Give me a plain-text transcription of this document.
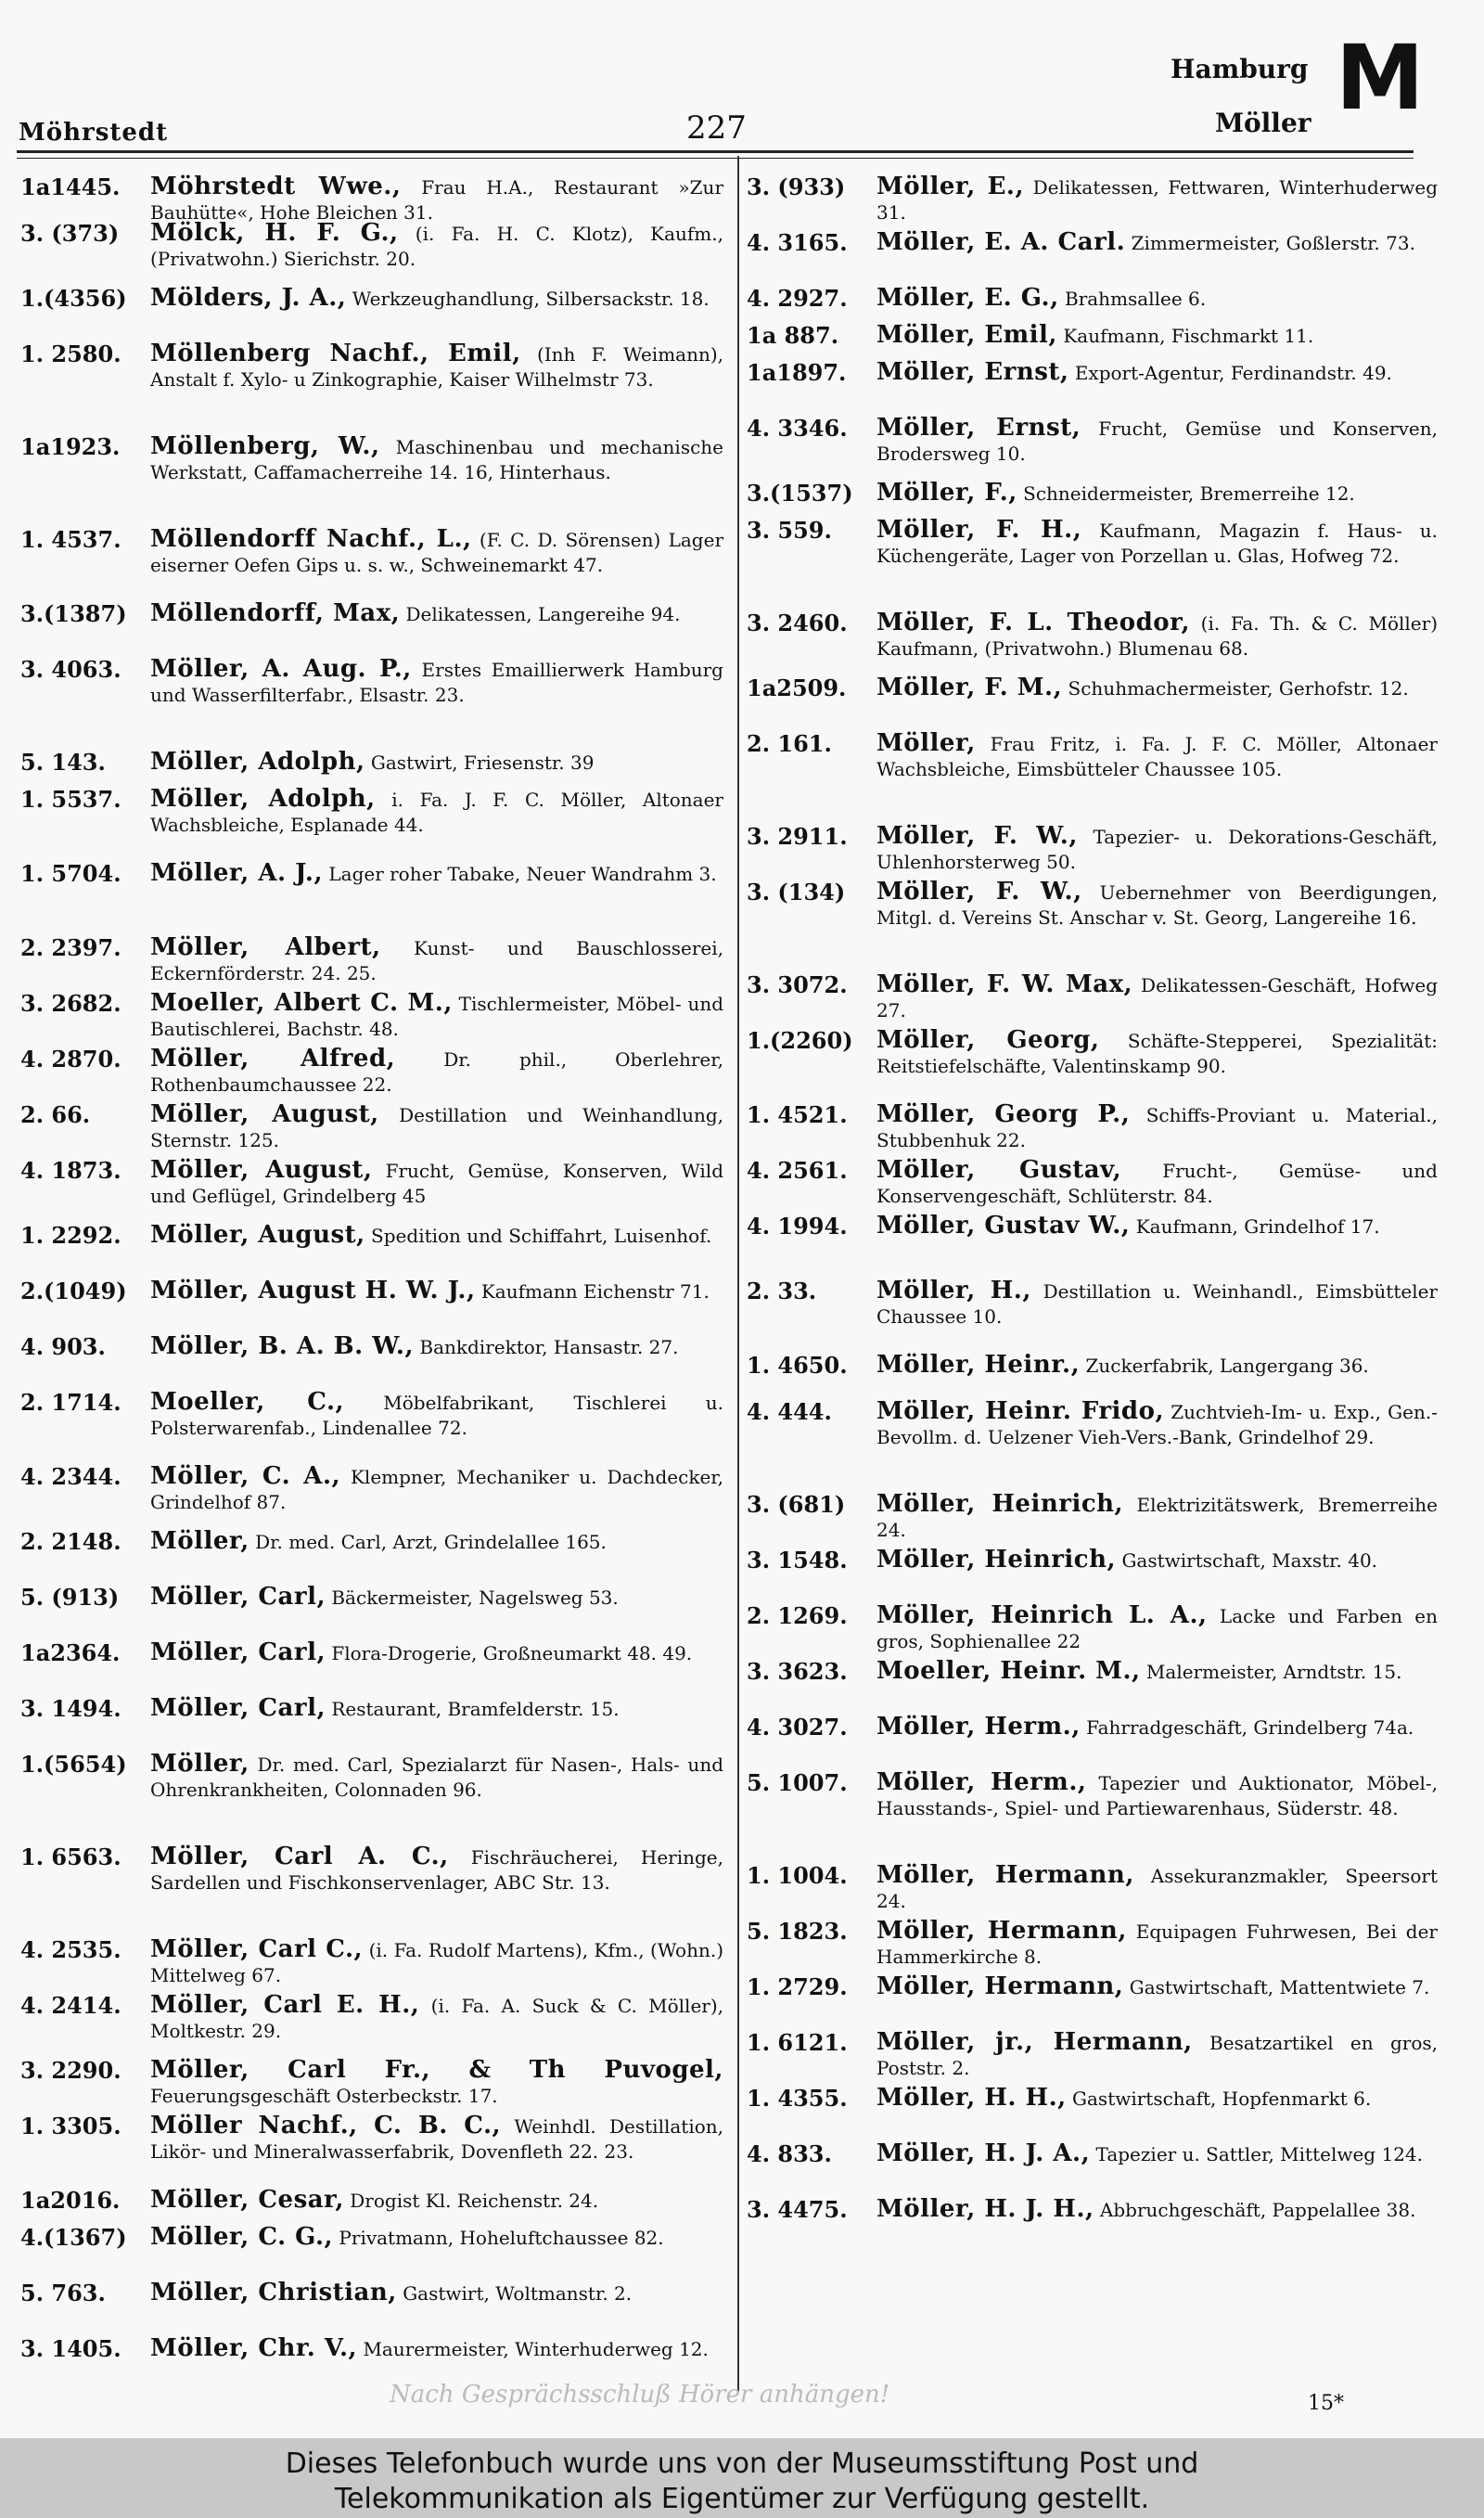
Möhrstedt	227
Hamburg
Möller M
1a1445. Möhrstedt Wwe., Frau H.A., Restaurant »Zur Bauhütte«, Hohe Bleichen 31.
3. (373) Mölck, H. F. G., (i. Fa. H. C. Klotz), Kaufm., (Privatwohn.) Sierichstr. 20.
1.(4356) Mölders, J. A., Werkzeughandlung, Silbersackstr. 18.
1. 2580. Möllenberg Nachf., Emil, (Inh F. Weimann), Anstalt f. Xylo- u Zinkographie, Kaiser Wilhelmstr 73.
1a1923. Möllenberg, W., Maschinenbau und mechanische Werkstatt, Caffamacherreihe 14. 16, Hinterhaus.
1. 4537. Möllendorff Nachf., L., (F. C. D. Sörensen) Lager eiserner Oefen Gips u. s. w., Schweinemarkt 47.
3.(1387) Möllendorff, Max, Delikatessen, Langereihe 94.
3. 4063. Möller, A. Aug. P., Erstes Emaillierwerk Hamburg und Wasserfilterfabr., Elsastr. 23.
5. 143. Möller, Adolph, Gastwirt, Friesenstr. 39
1. 5537. Möller, Adolph, i. Fa. J. F. C. Möller, Altonaer Wachsbleiche, Esplanade 44.
1. 5704. Möller, A. J., Lager roher Tabake, Neuer Wandrahm 3.
2. 2397. Möller, Albert, Kunst- und Bauschlosserei, Eckernförderstr. 24. 25.
3. 2682. Moeller, Albert C. M., Tischlermeister, Möbel- und Bautischlerei, Bachstr. 48.
4. 2870. Möller, Alfred,	Dr. phil., Oberlehrer, Rothenbaumchaussee 22.
2. 66. Möller, August, Destillation und Weinhandlung, Sternstr. 125.
4. 1873. Möller, August, Frucht, Gemüse, Konserven, Wild und Geflügel, Grindelberg 45
1. 2292. Möller, August, Spedition und Schiffahrt, Luisenhof.
2.(1049) Möller, August H. W. J., Kaufmann Eichenstr 71.
4. 903. Möller, B. A. B. W., Bankdirektor, Hansastr. 27.
2. 1714. Moeller, C., Möbelfabrikant, Tischlerei u. Polsterwarenfab., Lindenallee 72.
4. 2344. Möller, C. A., Klempner, Mechaniker u. Dachdecker, Grindelhof 87.
2. 2148. Möller, Dr. med. Carl, Arzt, Grindelallee 165.
5. (913) Möller, Carl, Bäckermeister, Nagelsweg 53.
1a2364. Möller, Carl, Flora-Drogerie, Großneumarkt 48. 49.
3. 1494. Möller, Carl, Restaurant, Bramfelderstr. 15.
1.(5654) Möller, Dr. med. Carl, Spezialarzt für Nasen-, Hals- und Ohrenkrankheiten, Colonnaden 96.
1. 6563. Möller, Carl A. C., Fischräucherei, Heringe, Sardellen und Fischkonservenlager, ABC Str. 13.
4. 2535. Möller, Carl C., (i. Fa. Rudolf Martens), Kfm., (Wohn.) Mittelweg 67.
4. 2414. Möller, Carl E. H., (i. Fa. A. Suck & C. Möller), Moltkestr. 29.
3. 2290. Möller, Carl Fr., & Th Puvogel, Feuerungsgeschäft Osterbeckstr. 17.
1. 3305. Möller Nachf., C. B. C., Weinhdl. Destillation, Likör- und Mineralwasserfabrik, Dovenfleth 22. 23.
1a2016. Möller, Cesar, Drogist Kl. Reichenstr. 24.
4.(1367) Möller, C. G., Privatmann, Hoheluftchaussee 82.
5. 763. Möller, Christian, Gastwirt, Woltmanstr. 2.
3. 1405. Möller, Chr. V., Maurermeister, Winterhuderweg 12.
3. (933) Möller, E., Delikatessen, Fettwaren, Winterhuderweg 31.
4. 3165. Möller, E. A. Carl. Zimmermeister, Goßlerstr. 73.
4. 2927. Möller, E. G., Brahmsallee 6.
1a 887. Möller, Emil, Kaufmann, Fischmarkt 11.
1a1897. Möller, Ernst, Export-Agentur, Ferdinandstr. 49.
4. 3346. Möller, Ernst, Frucht, Gemüse und Konserven, Brodersweg 10.
3.(1537) Möller, F., Schneidermeister, Bremerreihe 12.
3. 559. Möller, F. H., Kaufmann, Magazin f. Haus- u. Küchengeräte, Lager von Porzellan u. Glas, Hofweg 72.
3. 2460. Möller, F. L. Theodor, (i. Fa. Th. & C. Möller) Kaufmann, (Privatwohn.) Blumenau 68.
1a2509. Möller, F. M., Schuhmachermeister, Gerhofstr. 12.
2. 161. Möller, Frau Fritz, i. Fa. J. F. C. Möller, Altonaer Wachsbleiche, Eimsbütteler Chaussee 105.
3. 2911. Möller, F. W., Tapezier- u. Dekorations-Geschäft, Uhlenhorsterweg 50.
3. (134) Möller, F. W., Uebernehmer von Beerdigungen, Mitgl. d. Vereins St. Anschar v. St. Georg, Langereihe 16.
3. 3072. Möller, F. W. Max, Delikatessen-Geschäft, Hofweg 27.
1.(2260) Möller, Georg, Schäfte-Stepperei, Spezialität: Reitstiefelschäfte, Valentinskamp 90.
1. 4521. Möller, Georg P., Schiffs-Proviant u. Material., Stubbenhuk 22.
4. 2561. Möller, Gustav, Frucht-, Gemüse- und Konservengeschäft, Schlüterstr. 84.
4. 1994. Möller, Gustav W., Kaufmann, Grindelhof 17.
2. 33. Möller, H., Destillation u. Weinhandl., Eimsbütteler Chaussee 10.
1. 4650. Möller, Heinr., Zuckerfabrik, Langergang 36.
4. 444. Möller, Heinr. Frido, Zuchtvieh-Im- u. Exp., Gen.-Bevollm. d. Uelzener Vieh-Vers.-Bank, Grindelhof 29.
3. (681) Möller, Heinrich, Elektrizitätswerk, Bremerreihe 24.
3. 1548. Möller, Heinrich, Gastwirtschaft, Maxstr. 40.
2. 1269. Möller, Heinrich L. A., Lacke und Farben en gros, Sophienallee 22
3. 3623. Moeller, Heinr. M., Malermeister, Arndtstr. 15.
4. 3027. Möller, Herm., Fahrradgeschäft, Grindelberg 74a.
5. 1007. Möller, Herm., Tapezier und Auktionator, Möbel-, Hausstands-, Spiel- und Partiewarenhaus, Süderstr. 48.
1. 1004. Möller, Hermann, Assekuranzmakler, Speersort 24.
5. 1823. Möller, Hermann, Equipagen Fuhrwesen, Bei der Hammerkirche 8.
1. 2729. Möller, Hermann, Gastwirtschaft, Mattentwiete 7.
1. 6121. Möller, jr., Hermann, Besatzartikel en gros, Poststr. 2.
1. 4355. Möller, H. H., Gastwirtschaft, Hopfenmarkt 6.
4. 833. Möller, H. J. A., Tapezier u. Sattler, Mittelweg 124.
3. 4475. Möller, H. J. H., Abbruchgeschäft, Pappelallee 38.
Nach Gesprächsschluß Hörer anhängen!	15*
Dieses Telefonbuch wurde uns von der Museumsstiftung Post und
Telekommunikation als Eigentümer zur Verfügung gestellt.
